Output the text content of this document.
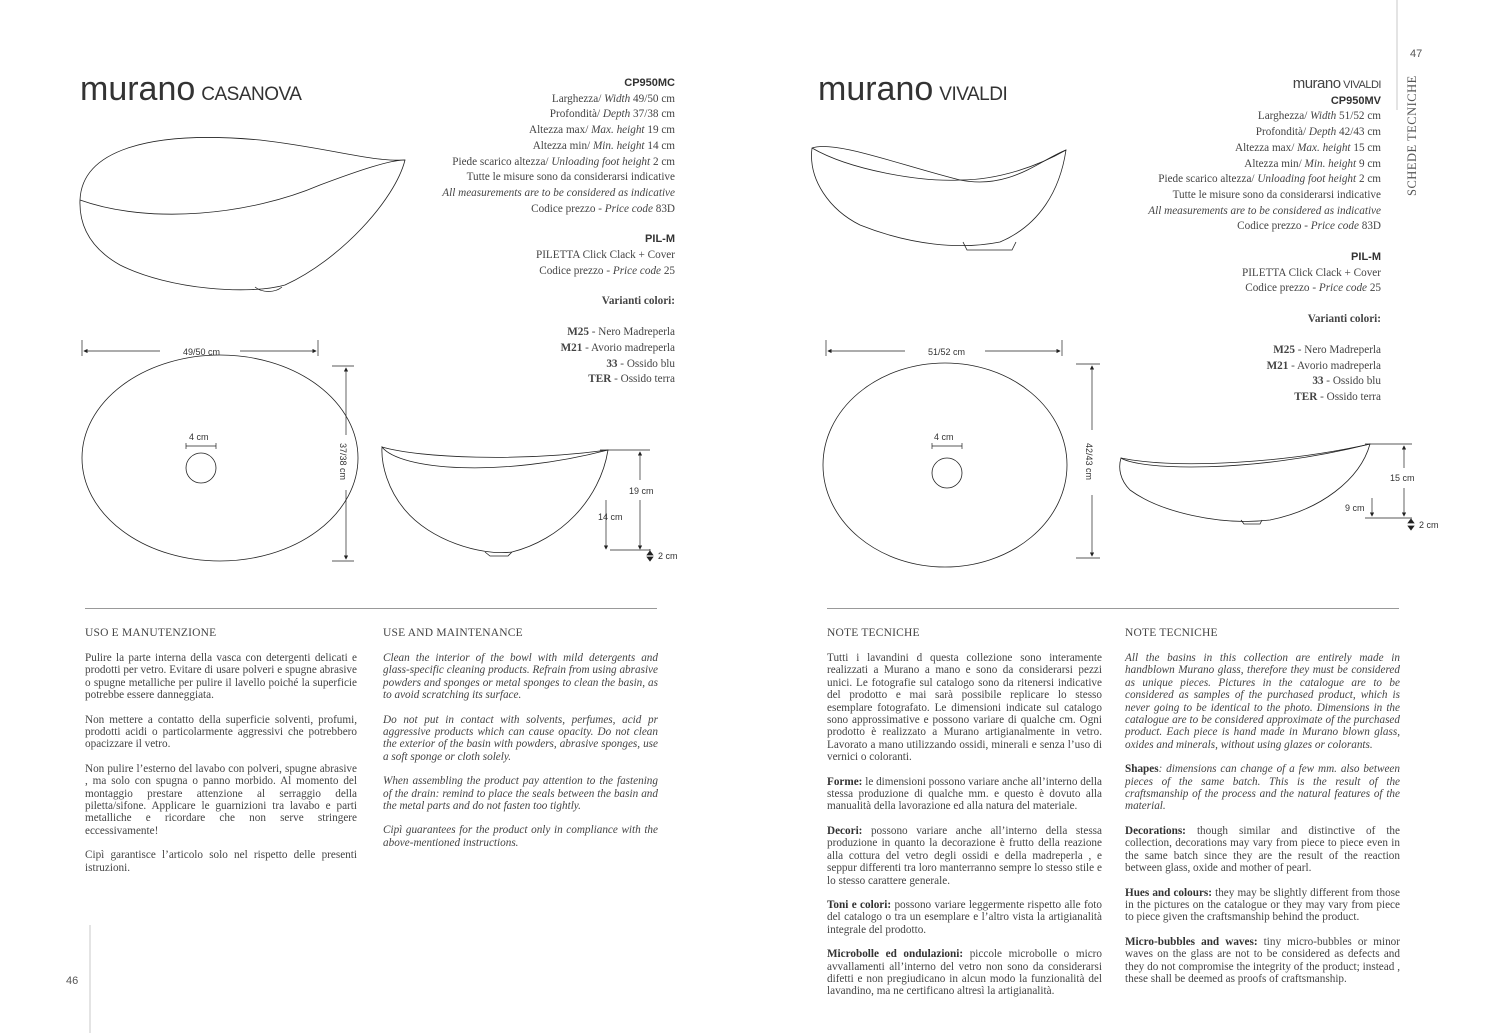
murano CASANOVA
CP950MC
Larghezza/ Width 49/50 cm
Profondità/ Depth 37/38 cm
Altezza max/ Max. height 19 cm
Altezza min/ Min. height 14 cm
Piede scarico altezza/ Unloading foot height 2 cm
Tutte le misure sono da considerarsi indicative
All measurements are to be considered as indicative
Codice prezzo - Price code 83D
PIL-M
PILETTA Click Clack + Cover
Codice prezzo - Price code 25
Varianti colori:
M25 - Nero Madreperla
M21 - Avorio madreperla
33 - Ossido blu
TER - Ossido terra
49/50 cm
4 cm
37/38 cm
19 cm
14 cm
2 cm
51/52 cm
4 cm
42/43 cm	15 cm
9 cm
2 cm
USO E MANUTENZIONE

Pulire la parte interna della vasca con detergenti delicati e prodotti per vetro. Evitare di usare polveri e spugne abrasive o spugne metalliche per pulire il lavello poiché la superficie potrebbe essere danneggiata.

Non mettere a contatto della superficie solventi, profumi, prodotti acidi o particolarmente aggressivi che potrebbero opacizzare il vetro.

Non pulire l’esterno del lavabo con polveri, spugne abrasive , ma solo con spugna o panno morbido. Al momento del montaggio prestare attenzione al serraggio della piletta/sifone. Applicare le guarnizioni tra lavabo e parti metalliche e ricordare che non serve stringere eccessivamente!

Cipì garantisce l’articolo solo nel rispetto delle presenti istruzioni.

USE AND MAINTENANCE

Clean the interior of the bowl with mild detergents and glass-specific cleaning products. Refrain from using abrasive powders and sponges or metal sponges to clean the basin, as to avoid scratching its surface.

Do not put in contact with solvents, perfumes, acid pr aggressive products which can cause opacity. Do not clean the exterior of the basin with powders, abrasive sponges, use a soft sponge or cloth solely.

When assembling the product pay attention to the fastening of the drain: remind to place the seals between the basin and the metal parts and do not fasten too tightly.

Cipì guarantees for the product only in compliance with the above-mentioned instructions.

46
murano VIVALDI
murano VIVALDI
CP950MV
Larghezza/ Width 51/52 cm
Profondità/ Depth 42/43 cm
Altezza max/ Max. height 15 cm
Altezza min/ Min. height 9 cm
Piede scarico altezza/ Unloading foot height 2 cm
Tutte le misure sono da considerarsi indicative
All measurements are to be considered as indicative
Codice prezzo - Price code 83D
PIL-M
PILETTA Click Clack + Cover
Codice prezzo - Price code 25
Varianti colori:
M25 - Nero Madreperla
M21 - Avorio madreperla
33 - Ossido blu
TER - Ossido terra
47
SCHEDE TECNICHE
NOTE TECNICHE

Tutti i lavandini d questa collezione sono interamente realizzati a Murano a mano e sono da considerarsi pezzi unici. Le fotografie sul catalogo sono da ritenersi indicative del prodotto e mai sarà possibile replicare lo stesso esemplare fotografato. Le dimensioni indicate sul catalogo sono approssimative e possono variare di qualche cm. Ogni prodotto è realizzato a Murano artigianalmente in vetro. Lavorato a mano utilizzando ossidi, minerali e senza l’uso di vernici o coloranti.

Forme: le dimensioni possono variare anche all’interno della stessa produzione di qualche mm. e questo è dovuto alla manualità della lavorazione ed alla natura del materiale.

Decori: possono variare anche all’interno della stessa produzione in quanto la decorazione è frutto della reazione alla cottura del vetro degli ossidi e della madreperla , e seppur differenti tra loro manterranno sempre lo stesso stile e lo stesso carattere generale.

Toni e colori: possono variare leggermente rispetto alle foto del catalogo o tra un esemplare e l’altro vista la artigianalità integrale del prodotto.

Microbolle ed ondulazioni: piccole microbolle o micro avvallamenti all’interno del vetro non sono da considerarsi difetti e non pregiudicano in alcun modo la funzionalità del lavandino, ma ne certificano altresì la artigianalità.

NOTE TECNICHE

All the basins in this collection are entirely made in handblown Murano glass, therefore they must be considered as unique pieces. Pictures in the catalogue are to be considered as samples of the purchased product, which is never going to be identical to the photo. Dimensions in the catalogue are to be considered approximate of the purchased product. Each piece is hand made in Murano blown glass, oxides and minerals, without using glazes or colorants.

Shapes: dimensions can change of a few mm. also between pieces of the same batch. This is the result of the craftsmanship of the process and the natural features of the material.

Decorations: though similar and distinctive of the collection, decorations may vary from piece to piece even in the same batch since they are the result of the reaction between glass, oxide and mother of pearl.

Hues and colours: they may be slightly different from those in the pictures on the catalogue or they may vary from piece to piece given the craftsmanship behind the product.

Micro-bubbles and waves: tiny micro-bubbles or minor waves on the glass are not to be considered as defects and they do not compromise the integrity of the product; instead , these shall be deemed as proofs of craftsmanship.
